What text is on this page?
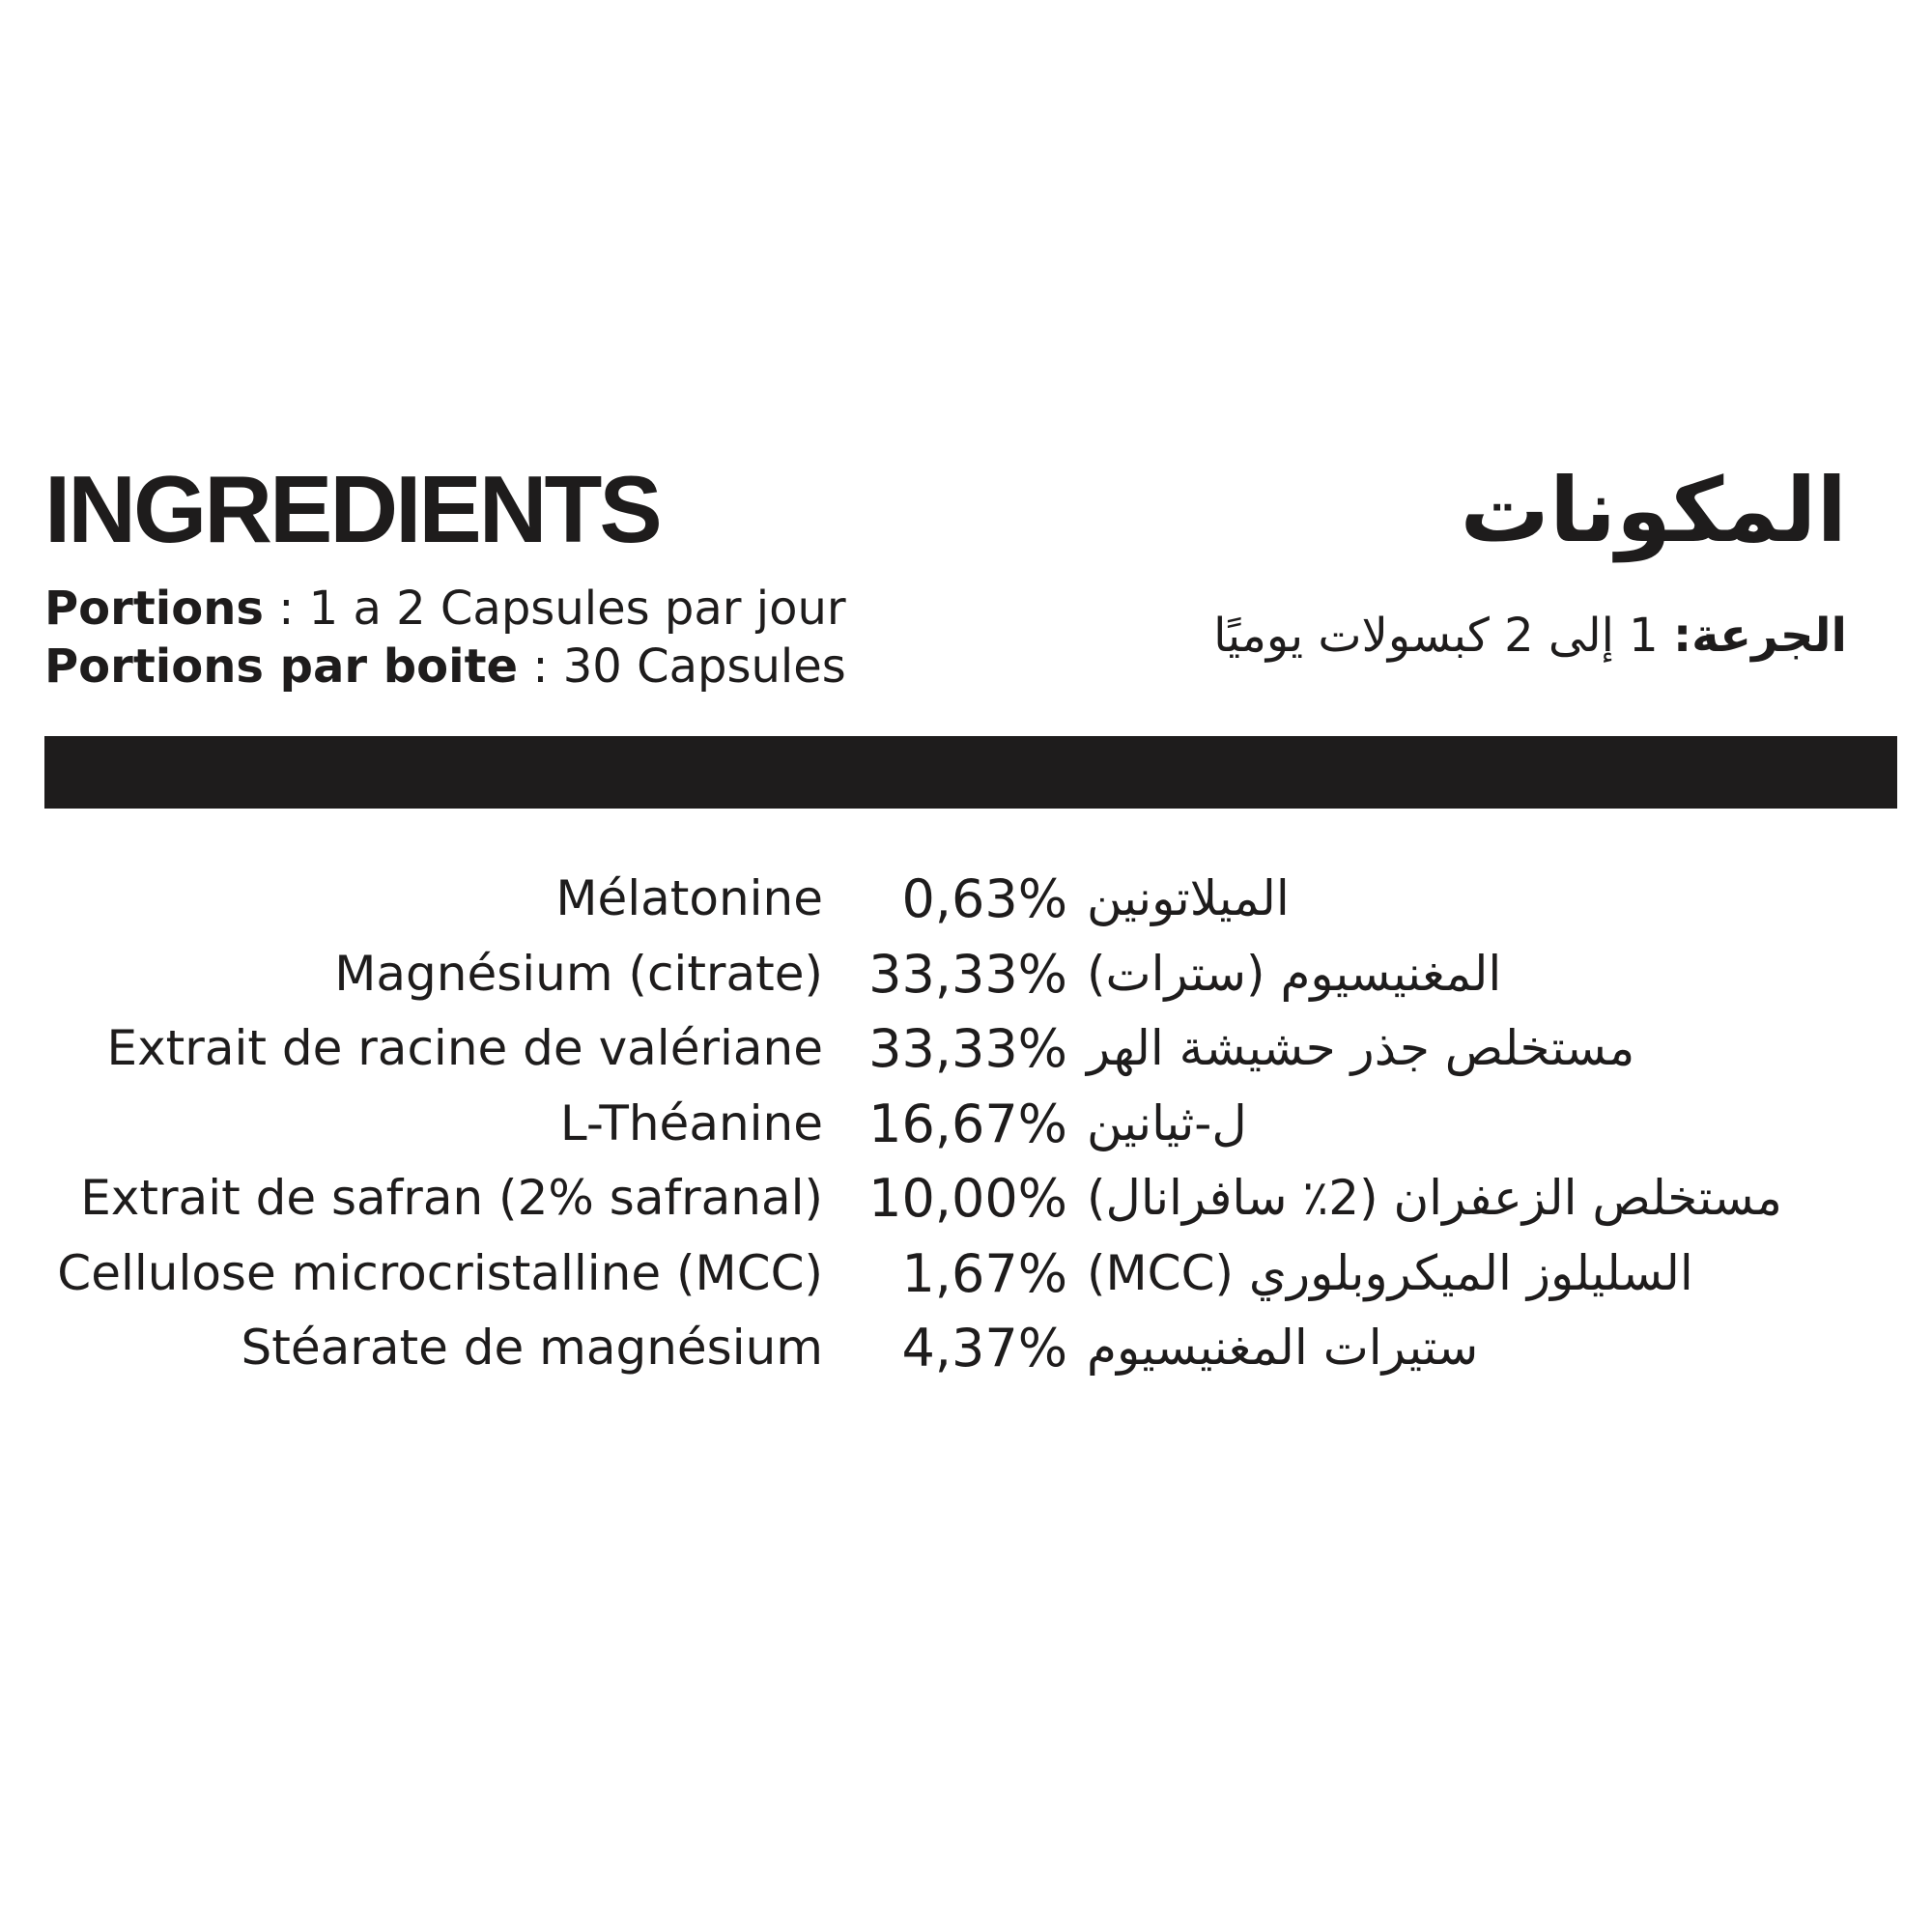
INGREDIENTS	المكونات
Portions : 1 a 2 Capsules par jour
Portions par boite : 30 Capsules
الجرعة: 1 إلى 2 كبسولات يوميًا
Mélatonine	0,63% الميلاتونين
Magnésium (citrate) 33,33% المغنيسيوم (سترات)
Extrait de racine de valériane 33,33% مستخلص جذر حشيشة الهر
L-Théanine 16,67% ل-ثيانين
Extrait de safran (2% safranal) 10,00% مستخلص الزعفران (2٪ سافرانال)
Cellulose microcristalline (MCC)	1,67% السليلوز الميكروبلوري (MCC)
Stéarate de magnésium	4,37% ستيرات المغنيسيوم
